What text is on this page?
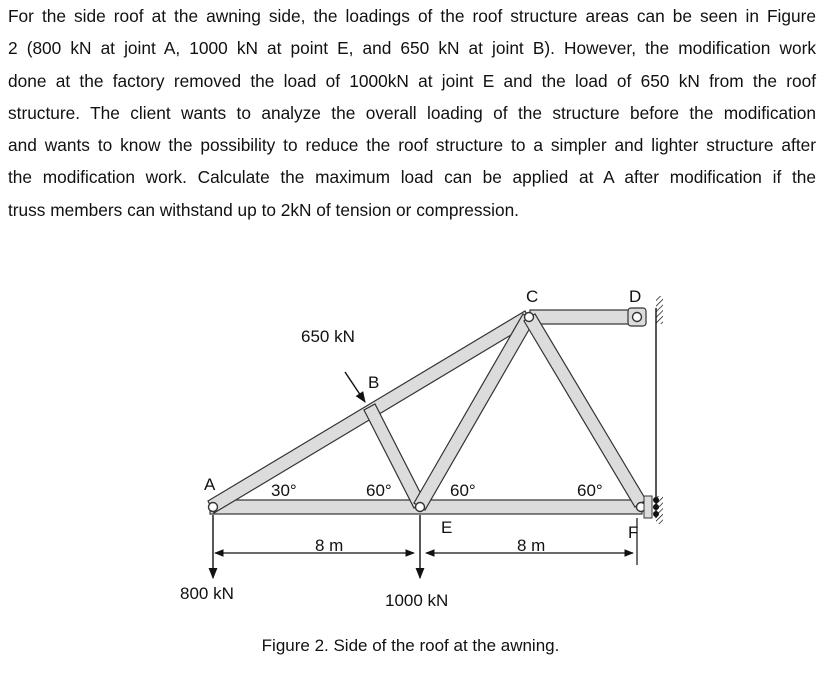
For the side roof at the awning side, the loadings of the roof structure areas can be seen in Figure
2 (800 kN at joint A, 1000 kN at point E, and 650 kN at joint B). However, the modification work
done at the factory removed the load of 1000kN at joint E and the load of 650 kN from the roof
structure. The client wants to analyze the overall loading of the structure before the modification
and wants to know the possibility to reduce the roof structure to a simpler and lighter structure after
the modification work. Calculate the maximum load can be applied at A after modification if the
truss members can withstand up to 2kN of tension or compression.
A
B
C	D
E	F
650 kN
800 kN	1000 kN
30°	60°	60°	60°
8 m	8 m
Figure 2. Side of the roof at the awning.
